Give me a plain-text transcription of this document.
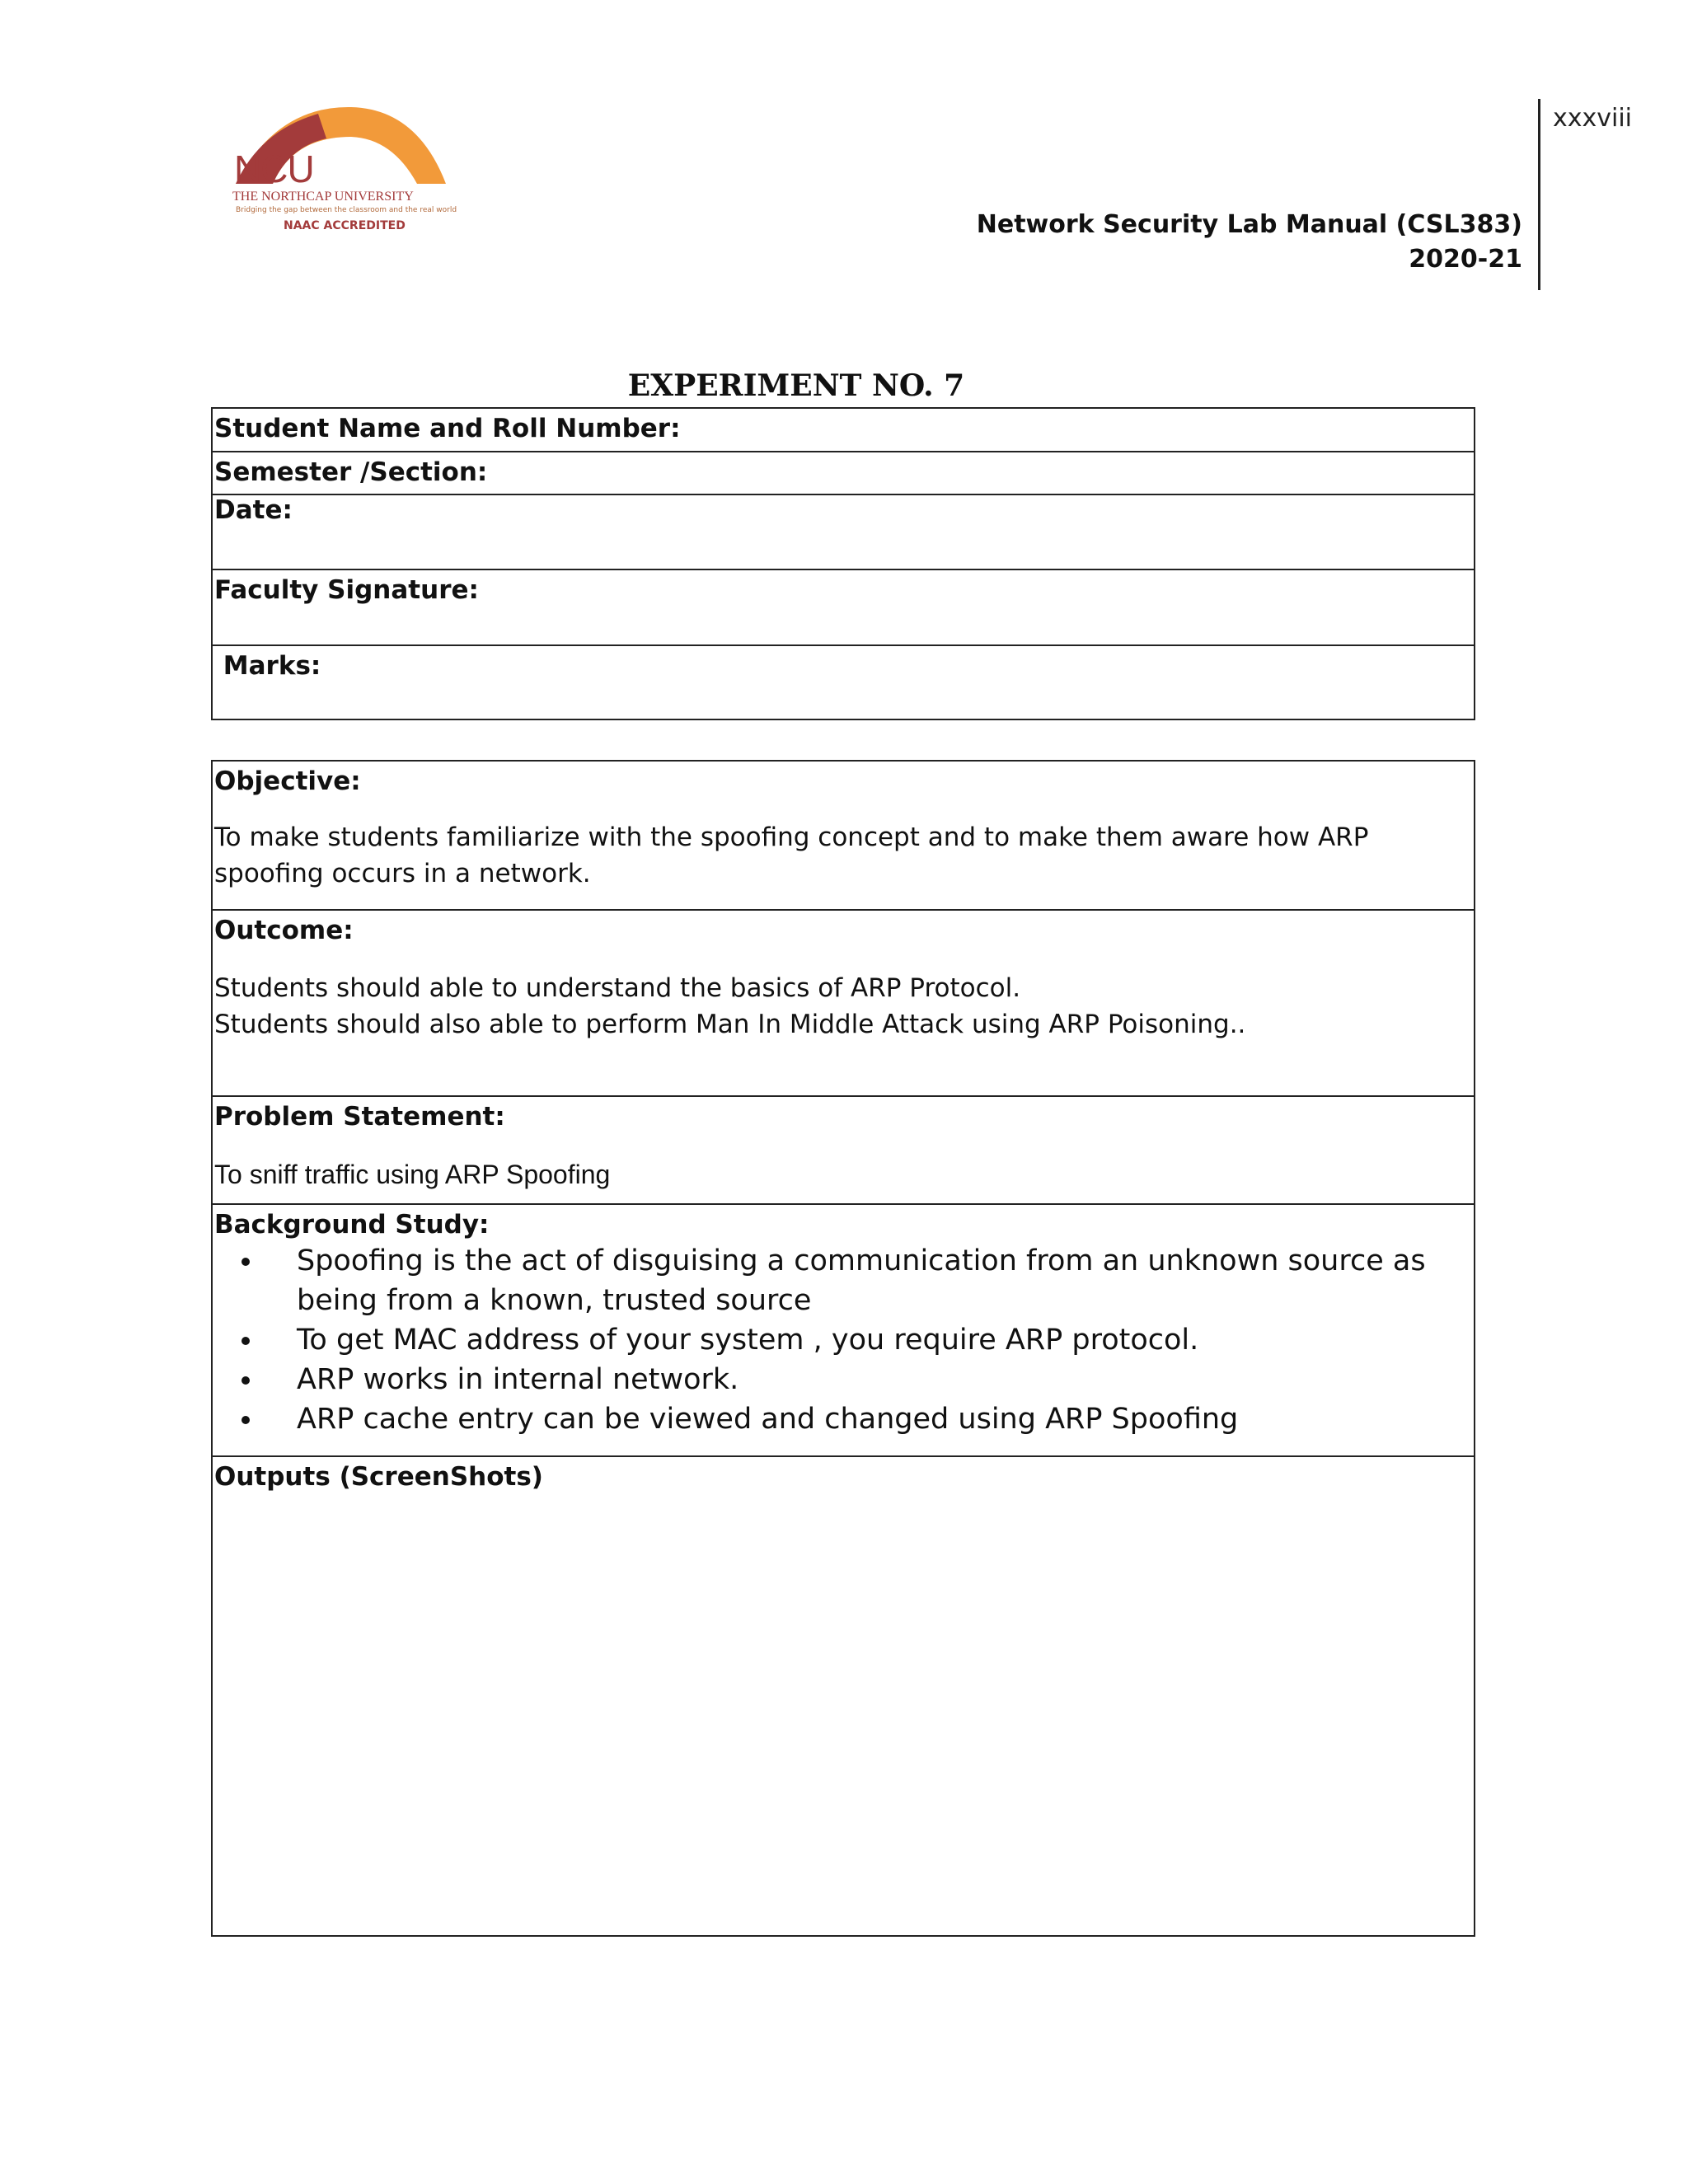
NCU
THE NORTHCAP UNIVERSITY
Bridging the gap between the classroom and the real world
NAAC ACCREDITED
xxxviii
Network Security Lab Manual (CSL383)
2020-21
EXPERIMENT NO. 7
Student Name and Roll Number:
Semester /Section:
Date:
Faculty Signature:
Marks:
Objective:
To make students familiarize with the spoofing concept and to make them aware how ARP spoofing occurs in a network.
Outcome:
Students should able to understand the basics of ARP Protocol.
Students should also able to perform Man In Middle Attack using ARP Poisoning..
Problem Statement:
To sniff traffic using ARP Spoofing
Background Study:
• Spoofing is the act of disguising a communication from an unknown source as being from a known, trusted source
• To get MAC address of your system , you require ARP protocol.
• ARP works in internal network.
• ARP cache entry can be viewed and changed using ARP Spoofing
Outputs (ScreenShots)
